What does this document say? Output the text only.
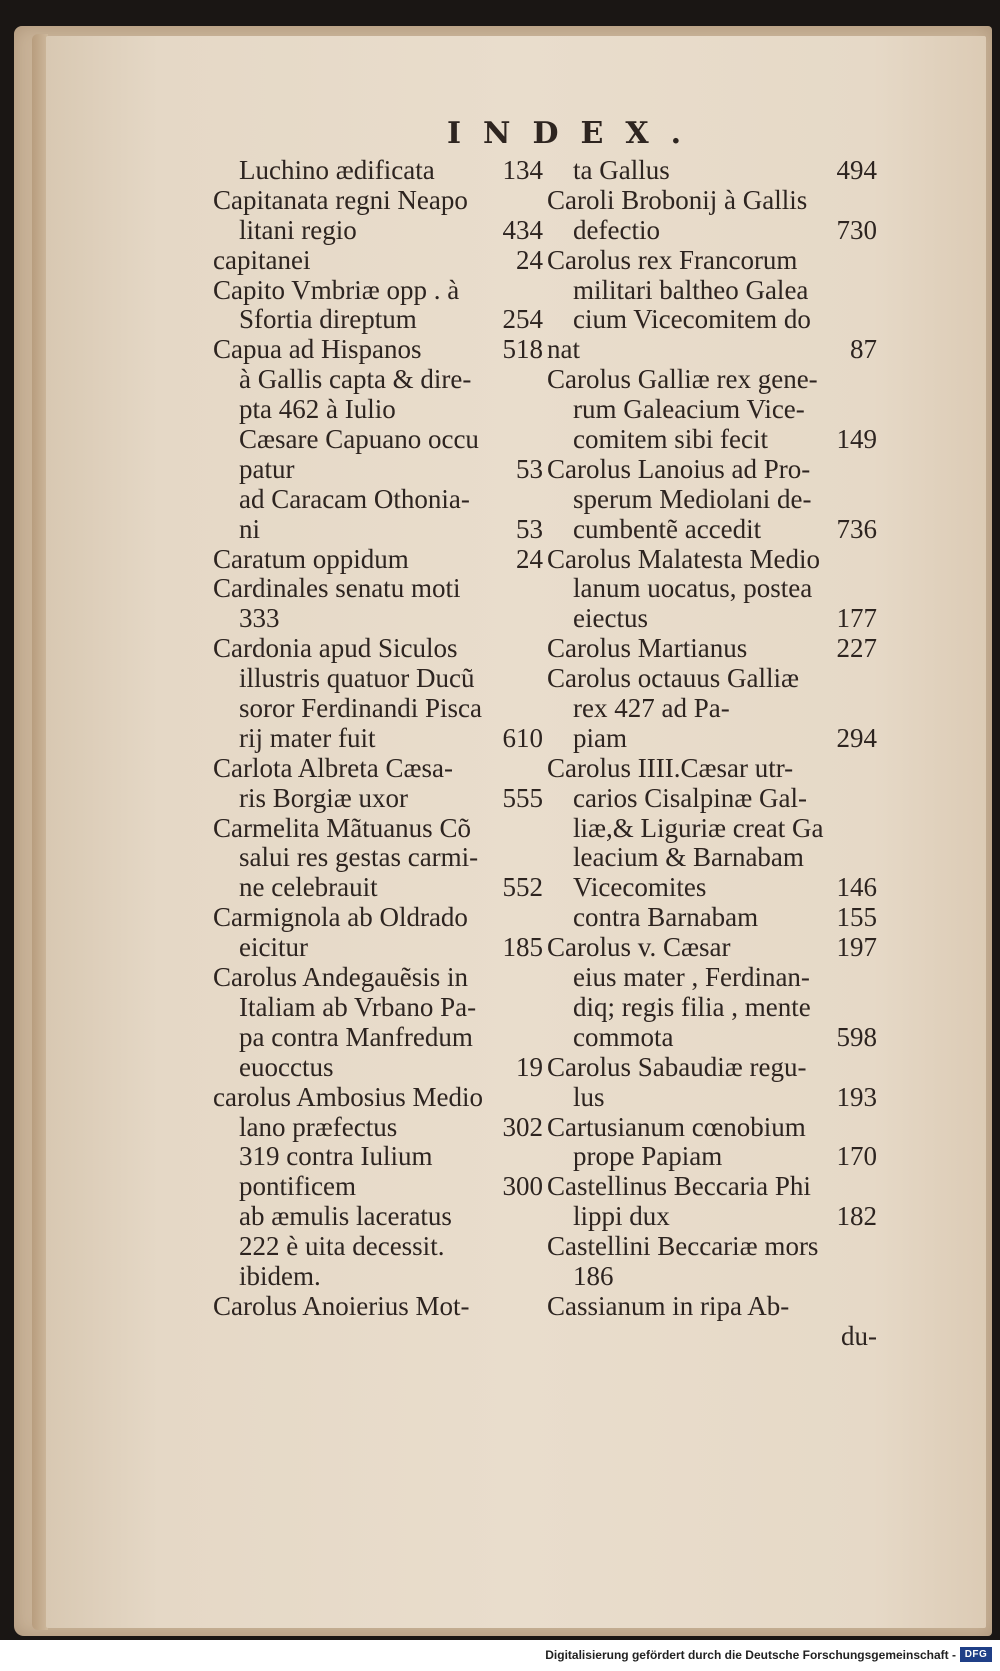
INDEX.
Luchino ædificata	134
Capitanata regni Neapo
litani regio	434
capitanei	24
Capito Vmbriæ opp . à
Sfortia direptum	254
Capua ad Hispanos	518
à Gallis capta & dire-
pta 462 à Iulio
Cæsare Capuano occu
patur	53
ad Caracam Othonia-
ni	53
Caratum oppidum	24
Cardinales senatu moti
333
Cardonia apud Siculos
illustris quatuor Ducũ
soror Ferdinandi Pisca
rij mater fuit	610
Carlota Albreta Cæsa-
ris Borgiæ uxor	555
Carmelita Mãtuanus Cõ
salui res gestas carmi-
ne celebrauit	552
Carmignola ab Oldrado
eicitur	185
Carolus Andegauẽsis in
Italiam ab Vrbano Pa-
pa contra Manfredum
euocctus	19
carolus Ambosius Medio
lano præfectus	302
319 contra Iulium
pontificem	300
ab æmulis laceratus
222 è uita decessit.
ibidem.
Carolus Anoierius Mot-
ta Gallus	494
Caroli Brobonij à Gallis
defectio	730
Carolus rex Francorum
militari baltheo Galea
cium Vicecomitem do
nat	87
Carolus Galliæ rex gene-
rum Galeacium Vice-
comitem sibi fecit	149
Carolus Lanoius ad Pro-
sperum Mediolani de-
cumbentẽ accedit	736
Carolus Malatesta Medio
lanum uocatus, postea
eiectus	177
Carolus Martianus	227
Carolus octauus Galliæ
rex 427 ad Pa-
piam	294
Carolus IIII.Cæsar utr-
carios Cisalpinæ Gal-
liæ,& Liguriæ creat Ga
leacium & Barnabam
Vicecomites	146
contra Barnabam	155
Carolus v. Cæsar	197
eius mater , Ferdinan-
diq; regis filia , mente
commota	598
Carolus Sabaudiæ regu-
lus	193
Cartusianum cœnobium
prope Papiam	170
Castellinus Beccaria Phi
lippi dux	182
Castellini Beccariæ mors
186
Cassianum in ripa Ab-
du-
Digitalisierung gefördert durch die Deutsche Forschungsgemeinschaft - DFG
